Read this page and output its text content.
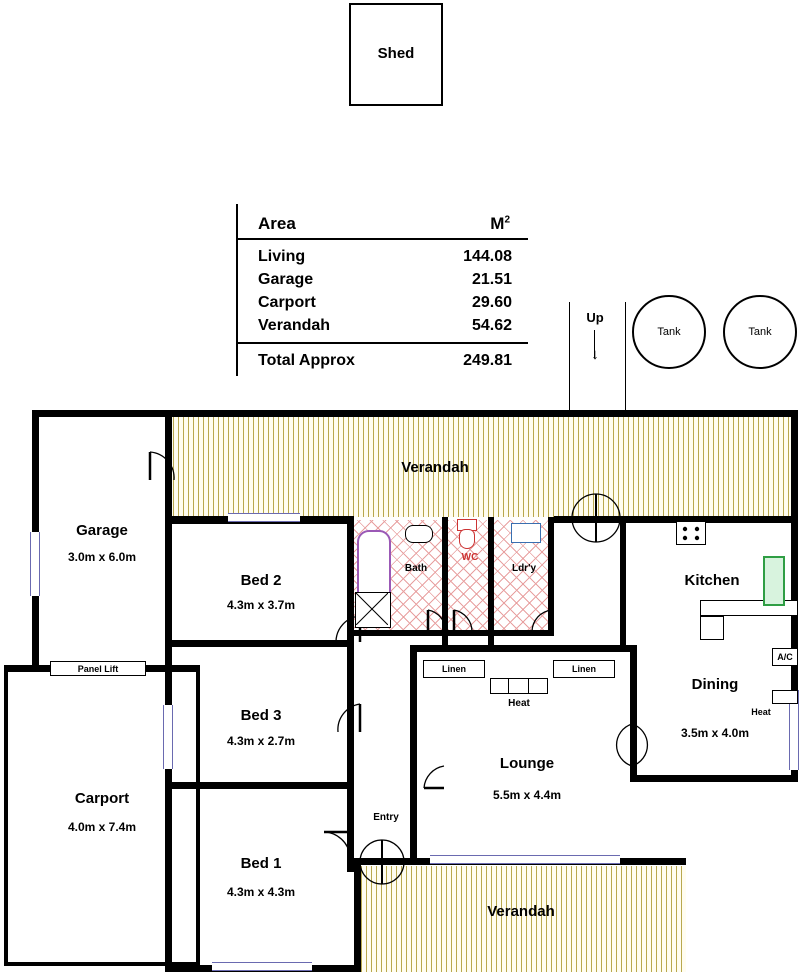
Shed
Area	$M^2$
Living	144.08
Garage	21.51
Carport	29.60
Verandah	54.62
Total Approx	249.81
Tank	Tank
Up
↓
Verandah
Verandah
A/C
Heat
Linen	Linen
Heat
Panel Lift
Garage
3.0m x 6.0m
Carport
4.0m x 7.4m
Bed 2
4.3m x 3.7m
Bed 3
4.3m x 2.7m
Bed 1
4.3m x 4.3m
Lounge
5.5m x 4.4m
Dining
3.5m x 4.0m
Kitchen
Bath
WC
Ldr'y
Entry
